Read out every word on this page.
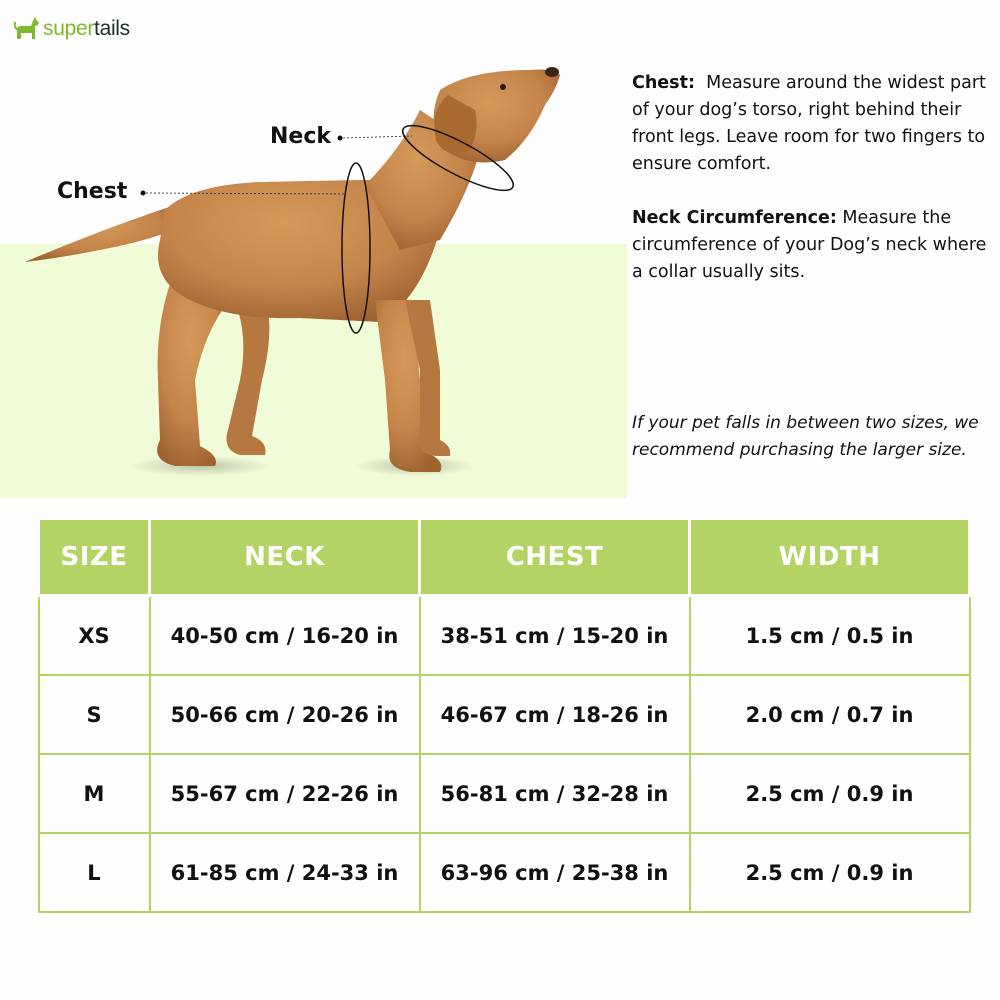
supertails
Neck
Chest
Chest: Measure around the widest part of your dog’s torso, right behind their front legs. Leave room for two fingers to ensure comfort.
Neck Circumference: Measure the circumference of your Dog’s neck where a collar usually sits.
If your pet falls in between two sizes, we recommend purchasing the larger size.
SIZE	NECK	CHEST	WIDTH
XS	40-50 cm / 16-20 in	38-51 cm / 15-20 in	1.5 cm / 0.5 in
S	50-66 cm / 20-26 in	46-67 cm / 18-26 in	2.0 cm / 0.7 in
M	55-67 cm / 22-26 in	56-81 cm / 32-28 in	2.5 cm / 0.9 in
L	61-85 cm / 24-33 in	63-96 cm / 25-38 in	2.5 cm / 0.9 in
